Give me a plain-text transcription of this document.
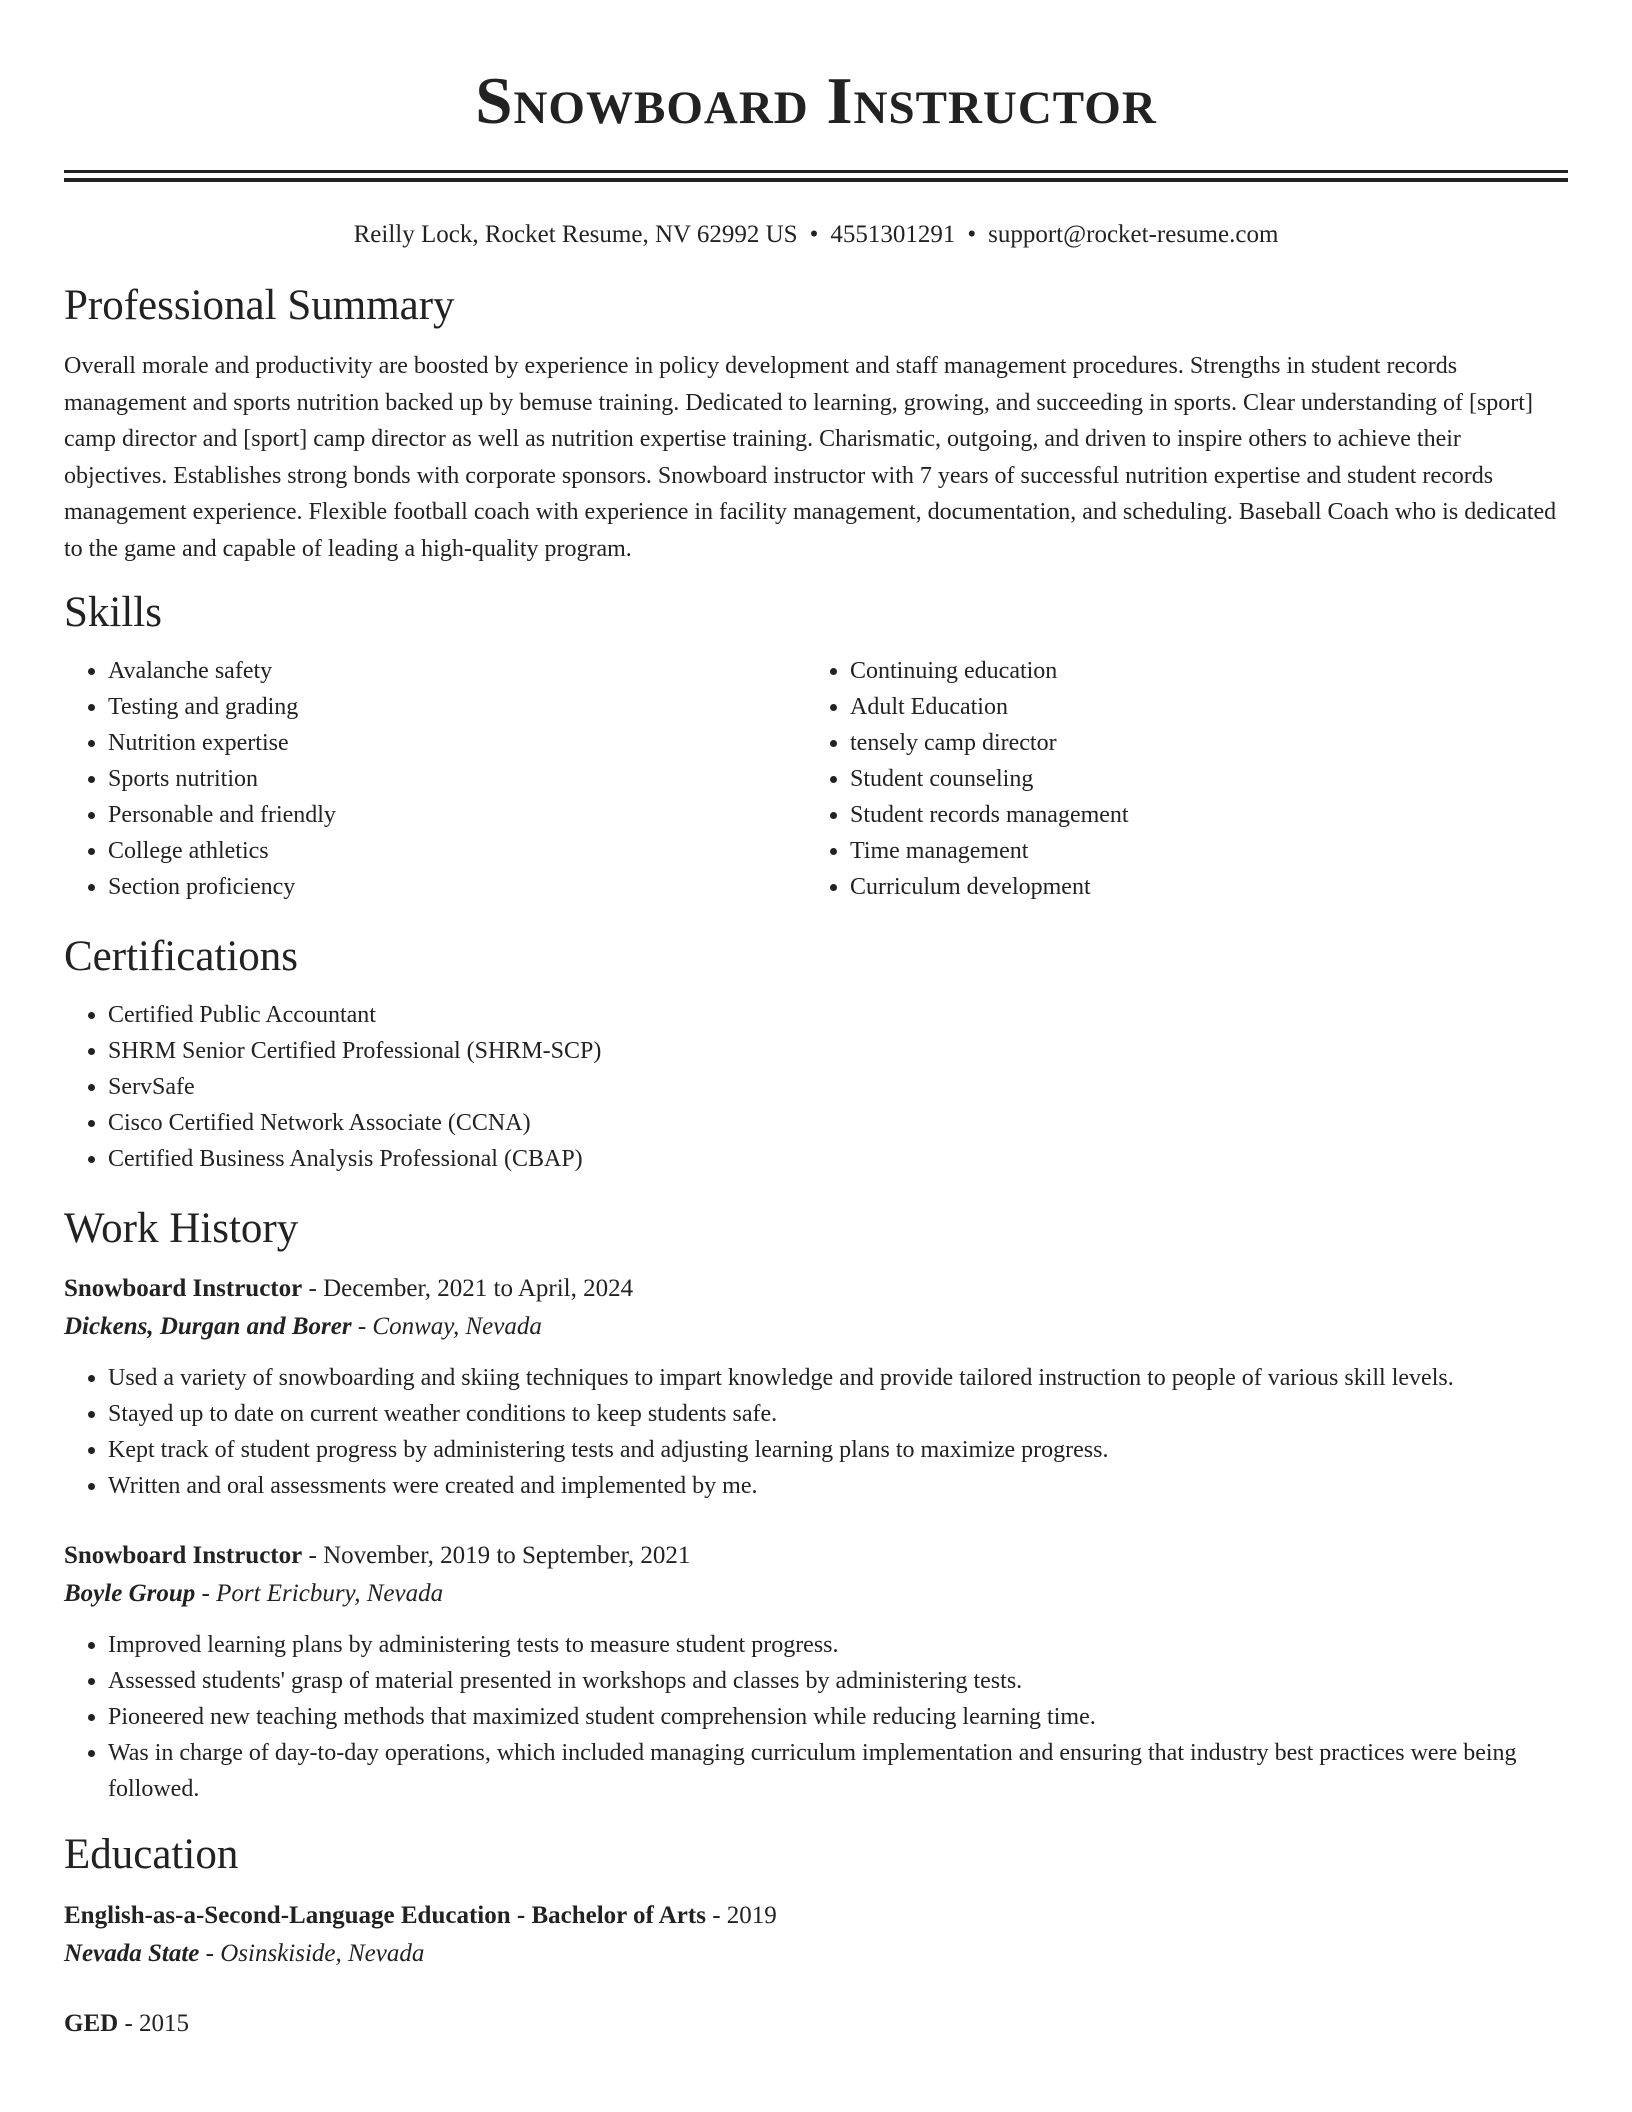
Snowboard Instructor
Reilly Lock, Rocket Resume, NV 62992 US • 4551301291 • support@rocket-resume.com
Professional Summary

Overall morale and productivity are boosted by experience in policy development and staff management procedures. Strengths in student records management and sports nutrition backed up by bemuse training. Dedicated to learning, growing, and succeeding in sports. Clear understanding of [sport] camp director and [sport] camp director as well as nutrition expertise training. Charismatic, outgoing, and driven to inspire others to achieve their objectives. Establishes strong bonds with corporate sponsors. Snowboard instructor with 7 years of successful nutrition expertise and student records management experience. Flexible football coach with experience in facility management, documentation, and scheduling. Baseball Coach who is dedicated to the game and capable of leading a high-quality program.

Skills
• Avalanche safety
• Testing and grading
• Nutrition expertise
• Sports nutrition
• Personable and friendly
• College athletics
• Section proficiency
• Continuing education
• Adult Education
• tensely camp director
• Student counseling
• Student records management
• Time management
• Curriculum development
Certifications
• Certified Public Accountant
• SHRM Senior Certified Professional (SHRM-SCP)
• ServSafe
• Cisco Certified Network Associate (CCNA)
• Certified Business Analysis Professional (CBAP)
Work History
Snowboard Instructor - December, 2021 to April, 2024
Dickens, Durgan and Borer - Conway, Nevada
• Used a variety of snowboarding and skiing techniques to impart knowledge and provide tailored instruction to people of various skill levels.
• Stayed up to date on current weather conditions to keep students safe.
• Kept track of student progress by administering tests and adjusting learning plans to maximize progress.
• Written and oral assessments were created and implemented by me.
Snowboard Instructor - November, 2019 to September, 2021
Boyle Group - Port Ericbury, Nevada
• Improved learning plans by administering tests to measure student progress.
• Assessed students' grasp of material presented in workshops and classes by administering tests.
• Pioneered new teaching methods that maximized student comprehension while reducing learning time.
• Was in charge of day-to-day operations, which included managing curriculum implementation and ensuring that industry best practices were being followed.
Education
English-as-a-Second-Language Education - Bachelor of Arts - 2019
Nevada State - Osinskiside, Nevada
GED - 2015
